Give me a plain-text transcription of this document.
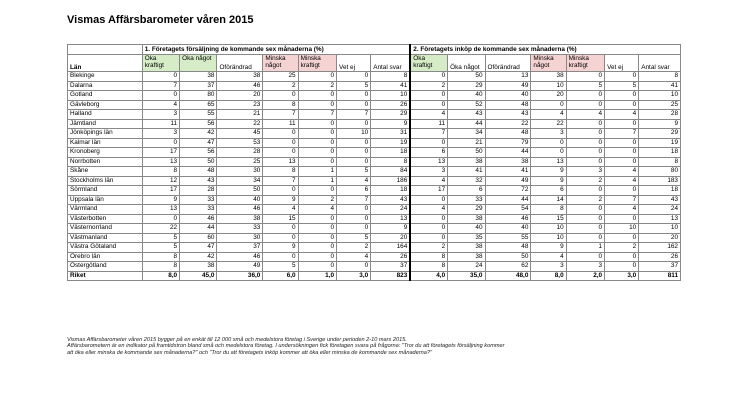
Vismas Affärsbarometer våren 2015
	1. Företagets försäljning de kommande sex månaderna (%)							2. Företagets inköp de kommande sex månaderna (%)						
Län	Öka kraftigt	Öka något	Oförändrad	Minska något	Minska kraftigt	Vet ej	Antal svar	Öka kraftigt	Öka något	Oförändrad	Minska något	Minska kraftigt	Vet ej	Antal svar
Blekinge	0	38	38	25	0	0	8	0	50	13	38	0	0	8
Dalarna	7	37	46	2	2	5	41	2	29	49	10	5	5	41
Gotland	0	80	20	0	0	0	10	0	40	40	20	0	0	10
Gävleborg	4	65	23	8	0	0	26	0	52	48	0	0	0	25
Halland	3	55	21	7	7	7	29	4	43	43	4	4	4	28
Jämtland	11	56	22	11	0	0	9	11	44	22	22	0	0	9
Jönköpings län	3	42	45	0	0	10	31	7	34	48	3	0	7	29
Kalmar län	0	47	53	0	0	0	19	0	21	79	0	0	0	19
Kronoberg	17	56	28	0	0	0	18	6	50	44	0	0	0	18
Norrbotten	13	50	25	13	0	0	8	13	38	38	13	0	0	8
Skåne	8	48	30	8	1	5	84	3	41	41	9	3	4	80
Stockholms län	12	43	34	7	1	4	186	4	32	49	9	2	4	183
Sörmland	17	28	50	0	0	6	18	17	6	72	6	0	0	18
Uppsala län	9	33	40	9	2	7	43	0	33	44	14	2	7	43
Värmland	13	33	46	4	4	0	24	4	29	54	8	0	4	24
Västerbotten	0	46	38	15	0	0	13	0	38	46	15	0	0	13
Västernorrland	22	44	33	0	0	0	9	0	40	40	10	0	10	10
Västmanland	5	60	30	0	0	5	20	0	35	55	10	0	0	20
Västra Götaland	5	47	37	9	0	2	164	2	38	48	9	1	2	162
Örebro län	8	42	46	0	0	4	26	8	38	50	4	0	0	26
Östergötland	8	38	49	5	0	0	37	8	24	62	3	3	0	37
Riket	8,0	45,0	36,0	6,0	1,0	3,0	823	4,0	35,0	48,0	8,0	2,0	3,0	811
Vismas Affärsbarometer våren 2015 bygger på en enkät till 12 000 små och medelstora företag i Sverige under perioden 2-10 mars 2015.
Affärsbarometern är en indikator på framtidstron bland små och medelstora företag. I undersökningen fick företagen svara på frågorna: "Tror du att företagets försäljning kommer
att öka eller minska de kommande sex månaderna?" och "Tror du att företagets inköp kommer att öka eller minska de kommande sex månaderna?"
